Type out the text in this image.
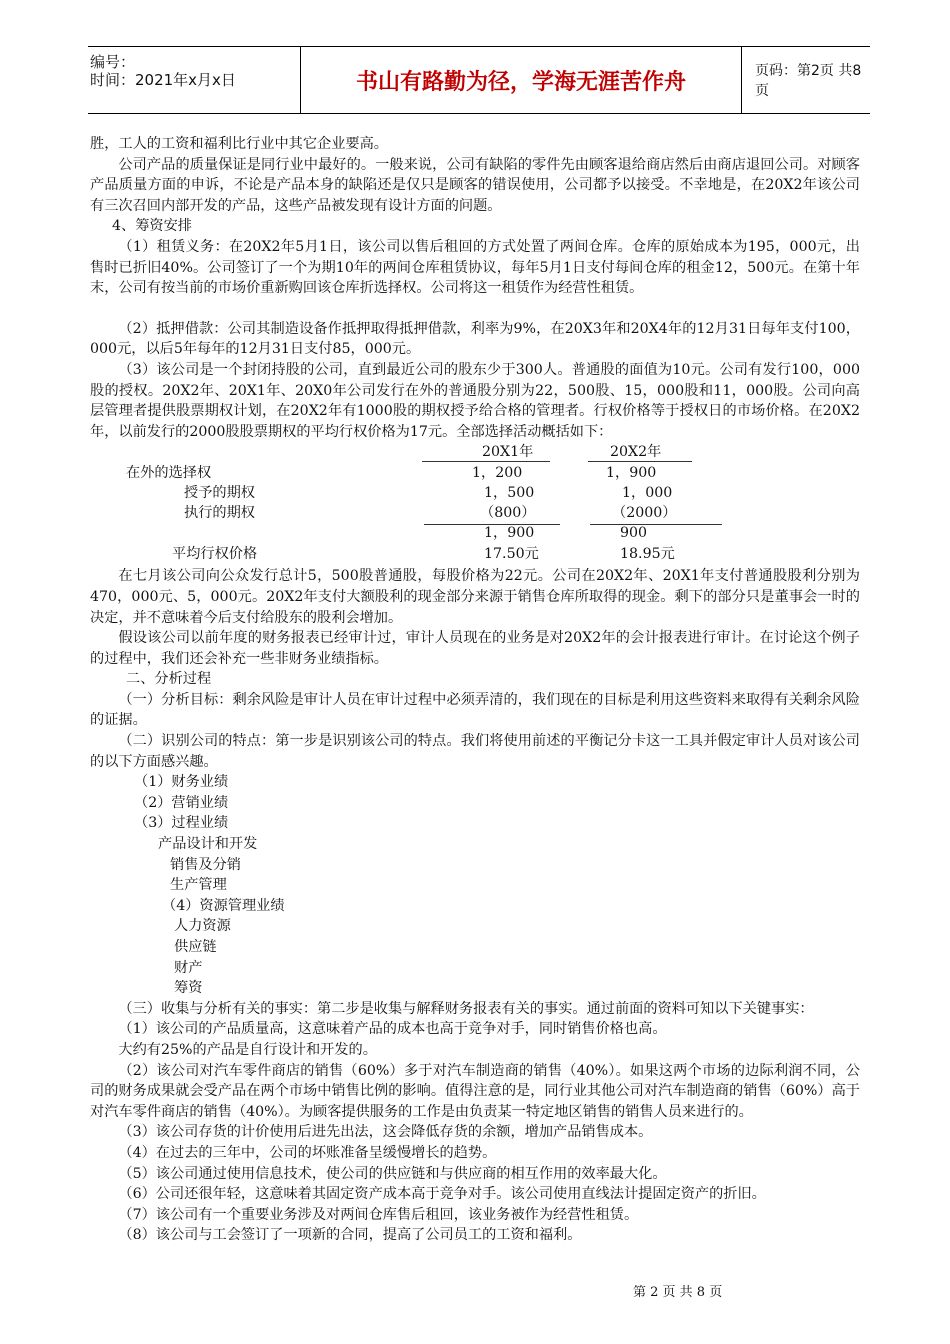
编号：
时间：2021年x月x日	书山有路勤为径，学海无涯苦作舟	页码：第2页 共8页

胜，工人的工资和福利比行业中其它企业要高。

公司产品的质量保证是同行业中最好的。一般来说，公司有缺陷的零件先由顾客退给商店然后由商店退回公司。对顾客产品质量方面的申诉，不论是产品本身的缺陷还是仅只是顾客的错误使用，公司都予以接受。不幸地是，在20X2年该公司有三次召回内部开发的产品，这些产品被发现有设计方面的问题。

4、筹资安排

（1）租赁义务：在20X2年5月1日，该公司以售后租回的方式处置了两间仓库。仓库的原始成本为195，000元，出售时已折旧40%。公司签订了一个为期10年的两间仓库租赁协议，每年5月1日支付每间仓库的租金12，500元。在第十年末，公司有按当前的市场价重新购回该仓库折选择权。公司将这一租赁作为经营性租赁。

（2）抵押借款：公司其制造设备作抵押取得抵押借款，利率为9%，在20X3年和20X4年的12月31日每年支付100，000元，以后5年每年的12月31日支付85，000元。

（3）该公司是一个封闭持股的公司，直到最近公司的股东少于300人。普通股的面值为10元。公司有发行100，000股的授权。20X2年、20X1年、20X0年公司发行在外的普通股分别为22，500股、15，000股和11，000股。公司向高层管理者提供股票期权计划，在20X2年有1000股的期权授予给合格的管理者。行权价格等于授权日的市场价格。在20X2年，以前发行的2000股股票期权的平均行权价格为17元。全部选择活动概括如下：

20X1年	20X2年
在外的选择权	1，200	1，900
授予的期权	1，500	1，000
执行的期权	（800）	（2000）
1，900	900
平均行权价格	17.50元	18.95元

在七月该公司向公众发行总计5，500股普通股，每股价格为22元。公司在20X2年、20X1年支付普通股股利分别为470，000元、5，000元。20X2年支付大额股利的现金部分来源于销售仓库所取得的现金。剩下的部分只是董事会一时的决定，并不意味着今后支付给股东的股利会增加。

假设该公司以前年度的财务报表已经审计过，审计人员现在的业务是对20X2年的会计报表进行审计。在讨论这个例子的过程中，我们还会补充一些非财务业绩指标。

二、分析过程

（一）分析目标：剩余风险是审计人员在审计过程中必须弄清的，我们现在的目标是利用这些资料来取得有关剩余风险的证据。

（二）识别公司的特点：第一步是识别该公司的特点。我们将使用前述的平衡记分卡这一工具并假定审计人员对该公司的以下方面感兴趣。

（1）财务业绩

（2）营销业绩

（3）过程业绩

产品设计和开发

销售及分销

生产管理

（4）资源管理业绩

人力资源

供应链

财产

筹资

（三）收集与分析有关的事实：第二步是收集与解释财务报表有关的事实。通过前面的资料可知以下关键事实：

（1）该公司的产品质量高，这意味着产品的成本也高于竞争对手，同时销售价格也高。

大约有25%的产品是自行设计和开发的。

（2）该公司对汽车零件商店的销售（60%）多于对汽车制造商的销售（40%）。如果这两个市场的边际利润不同，公司的财务成果就会受产品在两个市场中销售比例的影响。值得注意的是，同行业其他公司对汽车制造商的销售（60%）高于对汽车零件商店的销售（40%）。为顾客提供服务的工作是由负责某一特定地区销售的销售人员来进行的。

（3）该公司存货的计价使用后进先出法，这会降低存货的余额，增加产品销售成本。

（4）在过去的三年中，公司的坏账准备呈缓慢增长的趋势。

（5）该公司通过使用信息技术，使公司的供应链和与供应商的相互作用的效率最大化。

（6）公司还很年轻，这意味着其固定资产成本高于竞争对手。该公司使用直线法计提固定资产的折旧。

（7）该公司有一个重要业务涉及对两间仓库售后租回，该业务被作为经营性租赁。

（8）该公司与工会签订了一项新的合同，提高了公司员工的工资和福利。

第 2 页 共 8 页
